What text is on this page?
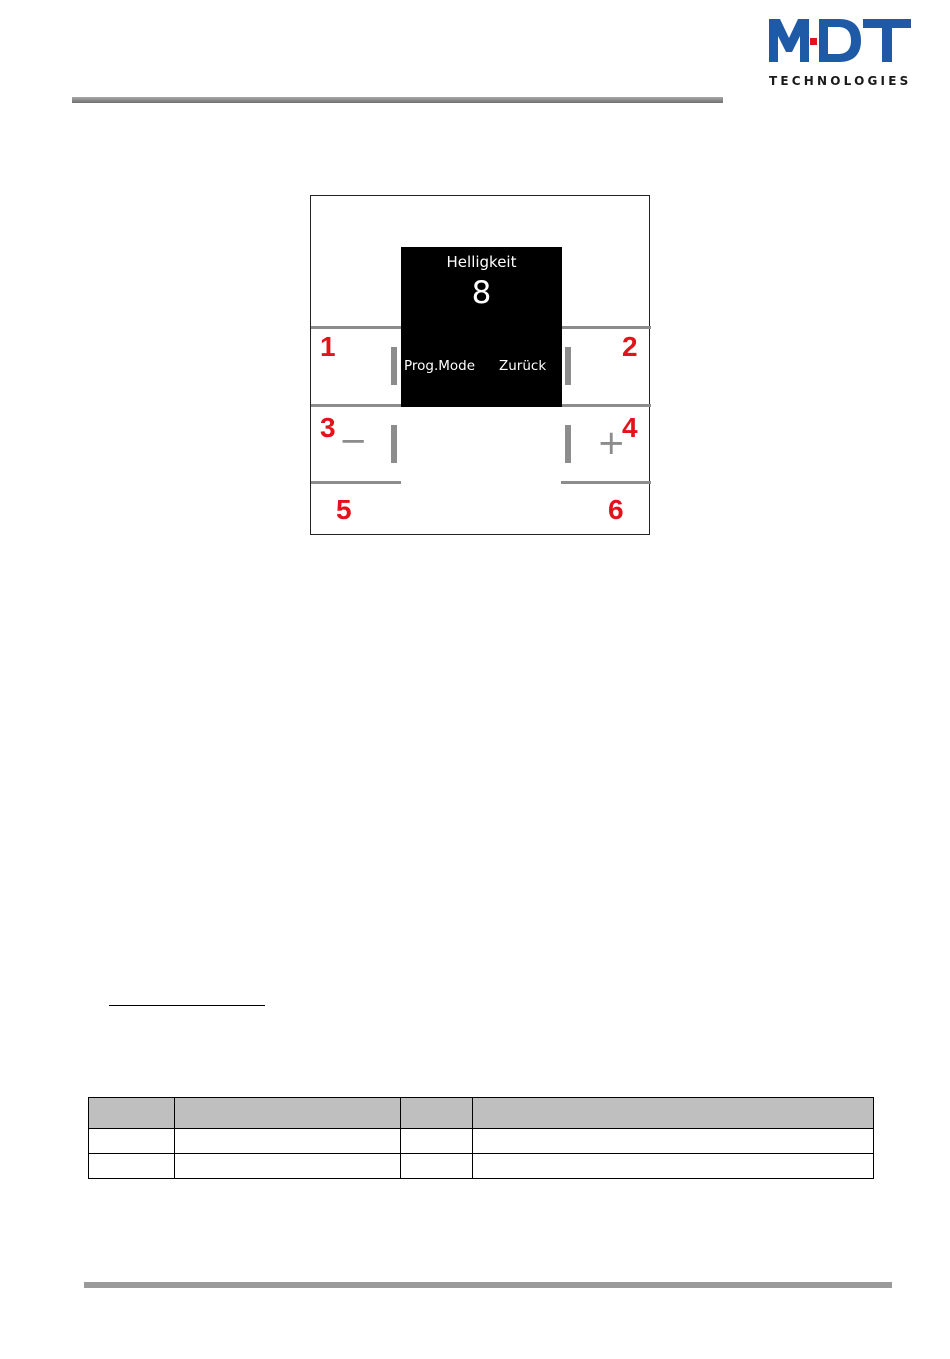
TECHNOLOGIES
Helligkeit
8
Prog.Mode Zurück
1	2
3	4
5	6
−	+
